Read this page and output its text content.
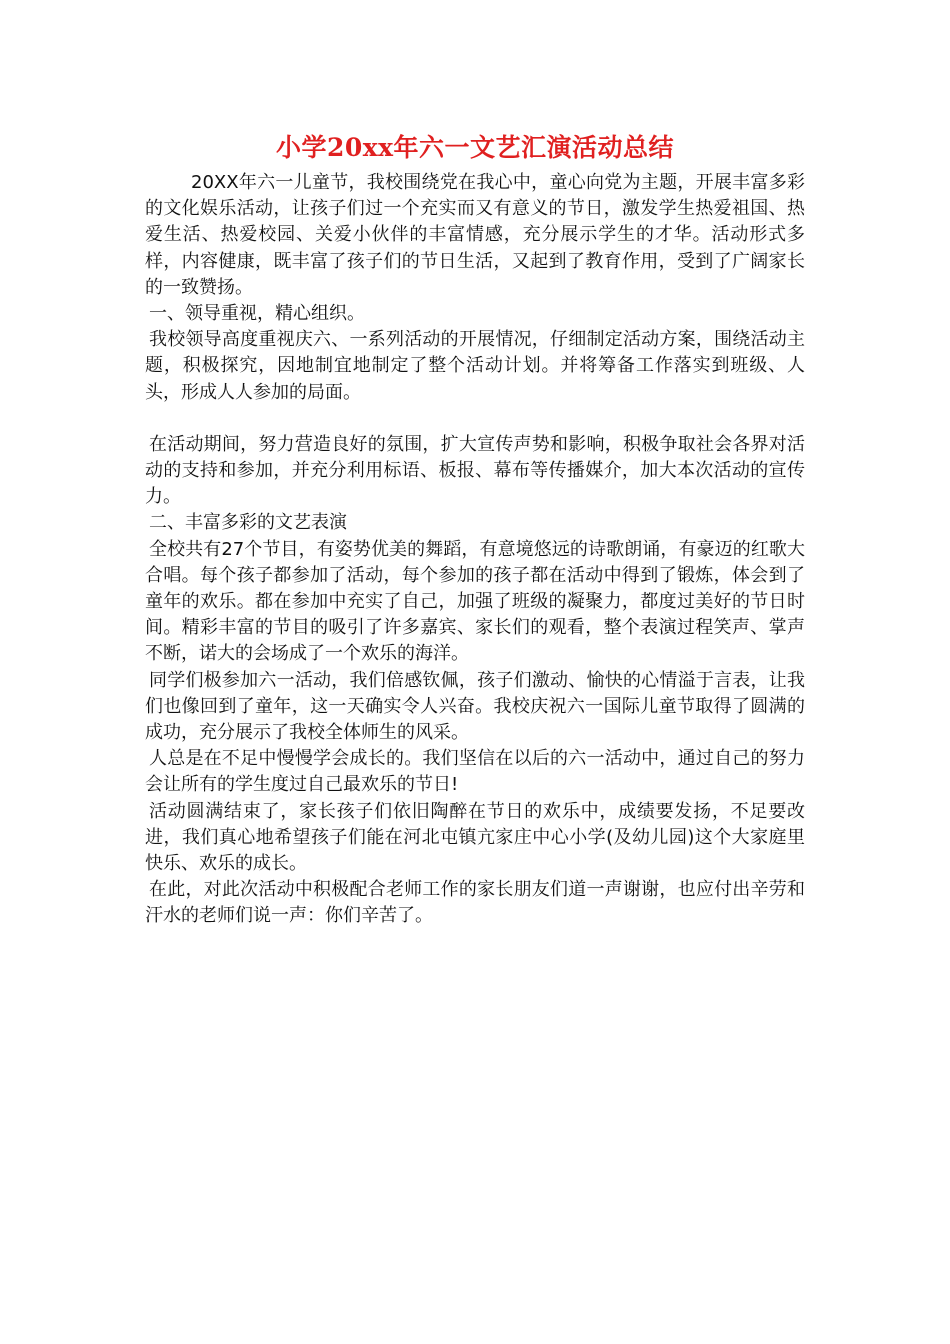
小学20xx年六一文艺汇演活动总结

20XX年六一儿童节，我校围绕党在我心中，童心向党为主题，开展丰富多彩的文化娱乐活动，让孩子们过一个充实而又有意义的节日，激发学生热爱祖国、热爱生活、热爱校园、关爱小伙伴的丰富情感，充分展示学生的才华。活动形式多样，内容健康，既丰富了孩子们的节日生活，又起到了教育作用，受到了广阔家长的一致赞扬。

一、领导重视，精心组织。

我校领导高度重视庆六、一系列活动的开展情况，仔细制定活动方案，围绕活动主题，积极探究，因地制宜地制定了整个活动计划。并将筹备工作落实到班级、人头，形成人人参加的局面。

在活动期间，努力营造良好的氛围，扩大宣传声势和影响，积极争取社会各界对活动的支持和参加，并充分利用标语、板报、幕布等传播媒介，加大本次活动的宣传力。

二、丰富多彩的文艺表演

全校共有27个节目，有姿势优美的舞蹈，有意境悠远的诗歌朗诵，有豪迈的红歌大合唱。每个孩子都参加了活动，每个参加的孩子都在活动中得到了锻炼，体会到了童年的欢乐。都在参加中充实了自己，加强了班级的凝聚力，都度过美好的节日时间。精彩丰富的节目的吸引了许多嘉宾、家长们的观看，整个表演过程笑声、掌声不断，诺大的会场成了一个欢乐的海洋。

同学们极参加六一活动，我们倍感钦佩，孩子们激动、愉快的心情溢于言表，让我们也像回到了童年，这一天确实令人兴奋。我校庆祝六一国际儿童节取得了圆满的成功，充分展示了我校全体师生的风采。

人总是在不足中慢慢学会成长的。我们坚信在以后的六一活动中，通过自己的努力会让所有的学生度过自己最欢乐的节日!

活动圆满结束了，家长孩子们依旧陶醉在节日的欢乐中，成绩要发扬，不足要改进，我们真心地希望孩子们能在河北屯镇亢家庄中心小学(及幼儿园)这个大家庭里快乐、欢乐的成长。

在此，对此次活动中积极配合老师工作的家长朋友们道一声谢谢，也应付出辛劳和汗水的老师们说一声：你们辛苦了。
